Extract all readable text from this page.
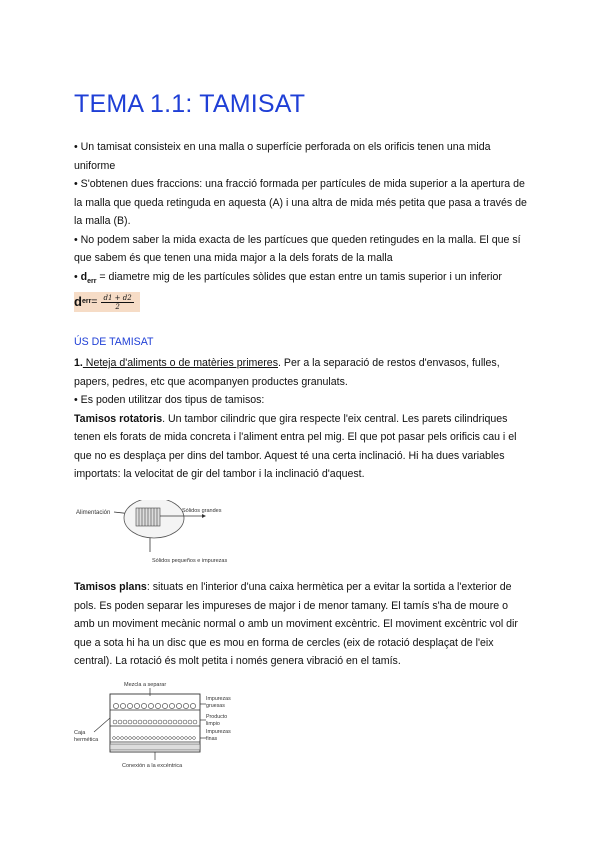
TEMA 1.1: TAMISAT

• Un tamisat consisteix en una malla o superfície perforada on els orificis tenen una mida uniforme

• S'obtenen dues fraccions: una fracció formada per partícules de mida superior a la apertura de la malla que queda retinguda en aquesta (A) i una altra de mida més petita que pasa a través de la malla (B).

• No podem saber la mida exacta de les partícues que queden retingudes en la malla. El que sí que sabem és que tenen una mida major a la dels forats de la malla

• $d_{err}$ = diametre mig de les partícules sòlides que estan entre un tamis superior i un inferior

d err = $\frac{d1 + d2}{2}$
ÚS DE TAMISAT

1. Neteja d'aliments o de matèries primeres. Per a la separació de restos d'envasos, fulles, papers, pedres, etc que acompanyen productes granulats.

• Es poden utilitzar dos tipus de tamisos:

Tamisos rotatoris. Un tambor cilindric que gira respecte l'eix central. Les parets cilindriques tenen els forats de mida concreta i l'aliment entra pel mig. El que pot pasar pels orificis cau i el que no es desplaça per dins del tambor. Aquest té una certa inclinació. Hi ha dues variables importats: la velocitat de gir del tambor i la inclinació d'aquest.

Alimentación	Sólidos grandes
Sólidos pequeños e impurezas

Tamisos plans: situats en l'interior d'una caixa hermètica per a evitar la sortida a l'exterior de pols. Es poden separar les impureses de major i de menor tamany. El tamís s'ha de moure o amb un moviment mecànic normal o amb un moviment excèntric. El moviment excèntric vol dir que a sota hi ha un disc que es mou en forma de cercles (eix de rotació desplaçat de l'eix central). La rotació és molt petita i només genera vibració en el tamís.

Mezcla a separar
Impurezas
gruesas
Producto
limpio
Impurezas
finas
Caja
hermética
Conexión a la excéntrica
